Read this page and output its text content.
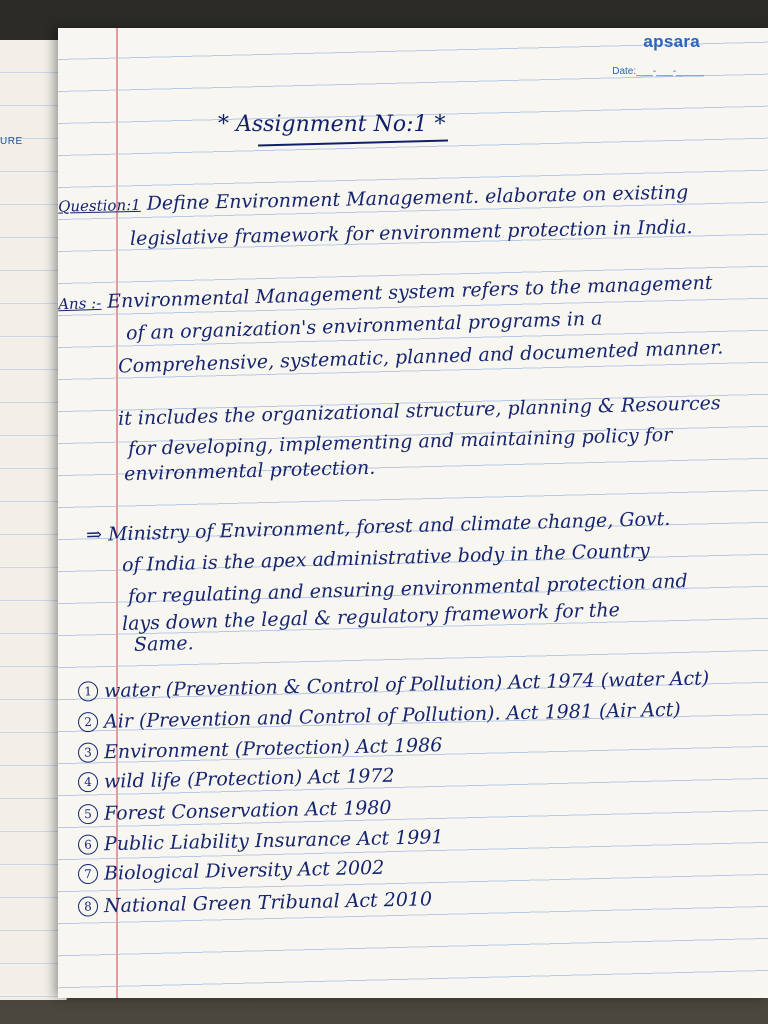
URE
apsara
Date:___-___-_____
* Assignment No:1 *
Question:1 Define Environment Management. elaborate on existing
legislative framework for environment protection in India.
Ans :- Environmental Management system refers to the management
of an organization's environmental programs in a
Comprehensive, systematic, planned and documented manner.
it includes the organizational structure, planning & Resources
for developing, implementing and maintaining policy for
environmental protection.
⇒ Ministry of Environment, forest and climate change, Govt.
of India is the apex administrative body in the Country
for regulating and ensuring environmental protection and
lays down the legal & regulatory framework for the
Same.
1 water (Prevention & Control of Pollution) Act 1974 (water Act)
2 Air (Prevention and Control of Pollution). Act 1981 (Air Act)
3 Environment (Protection) Act 1986
4 wild life (Protection) Act 1972
5 Forest Conservation Act 1980
6 Public Liability Insurance Act 1991
7 Biological Diversity Act 2002
8 National Green Tribunal Act 2010
